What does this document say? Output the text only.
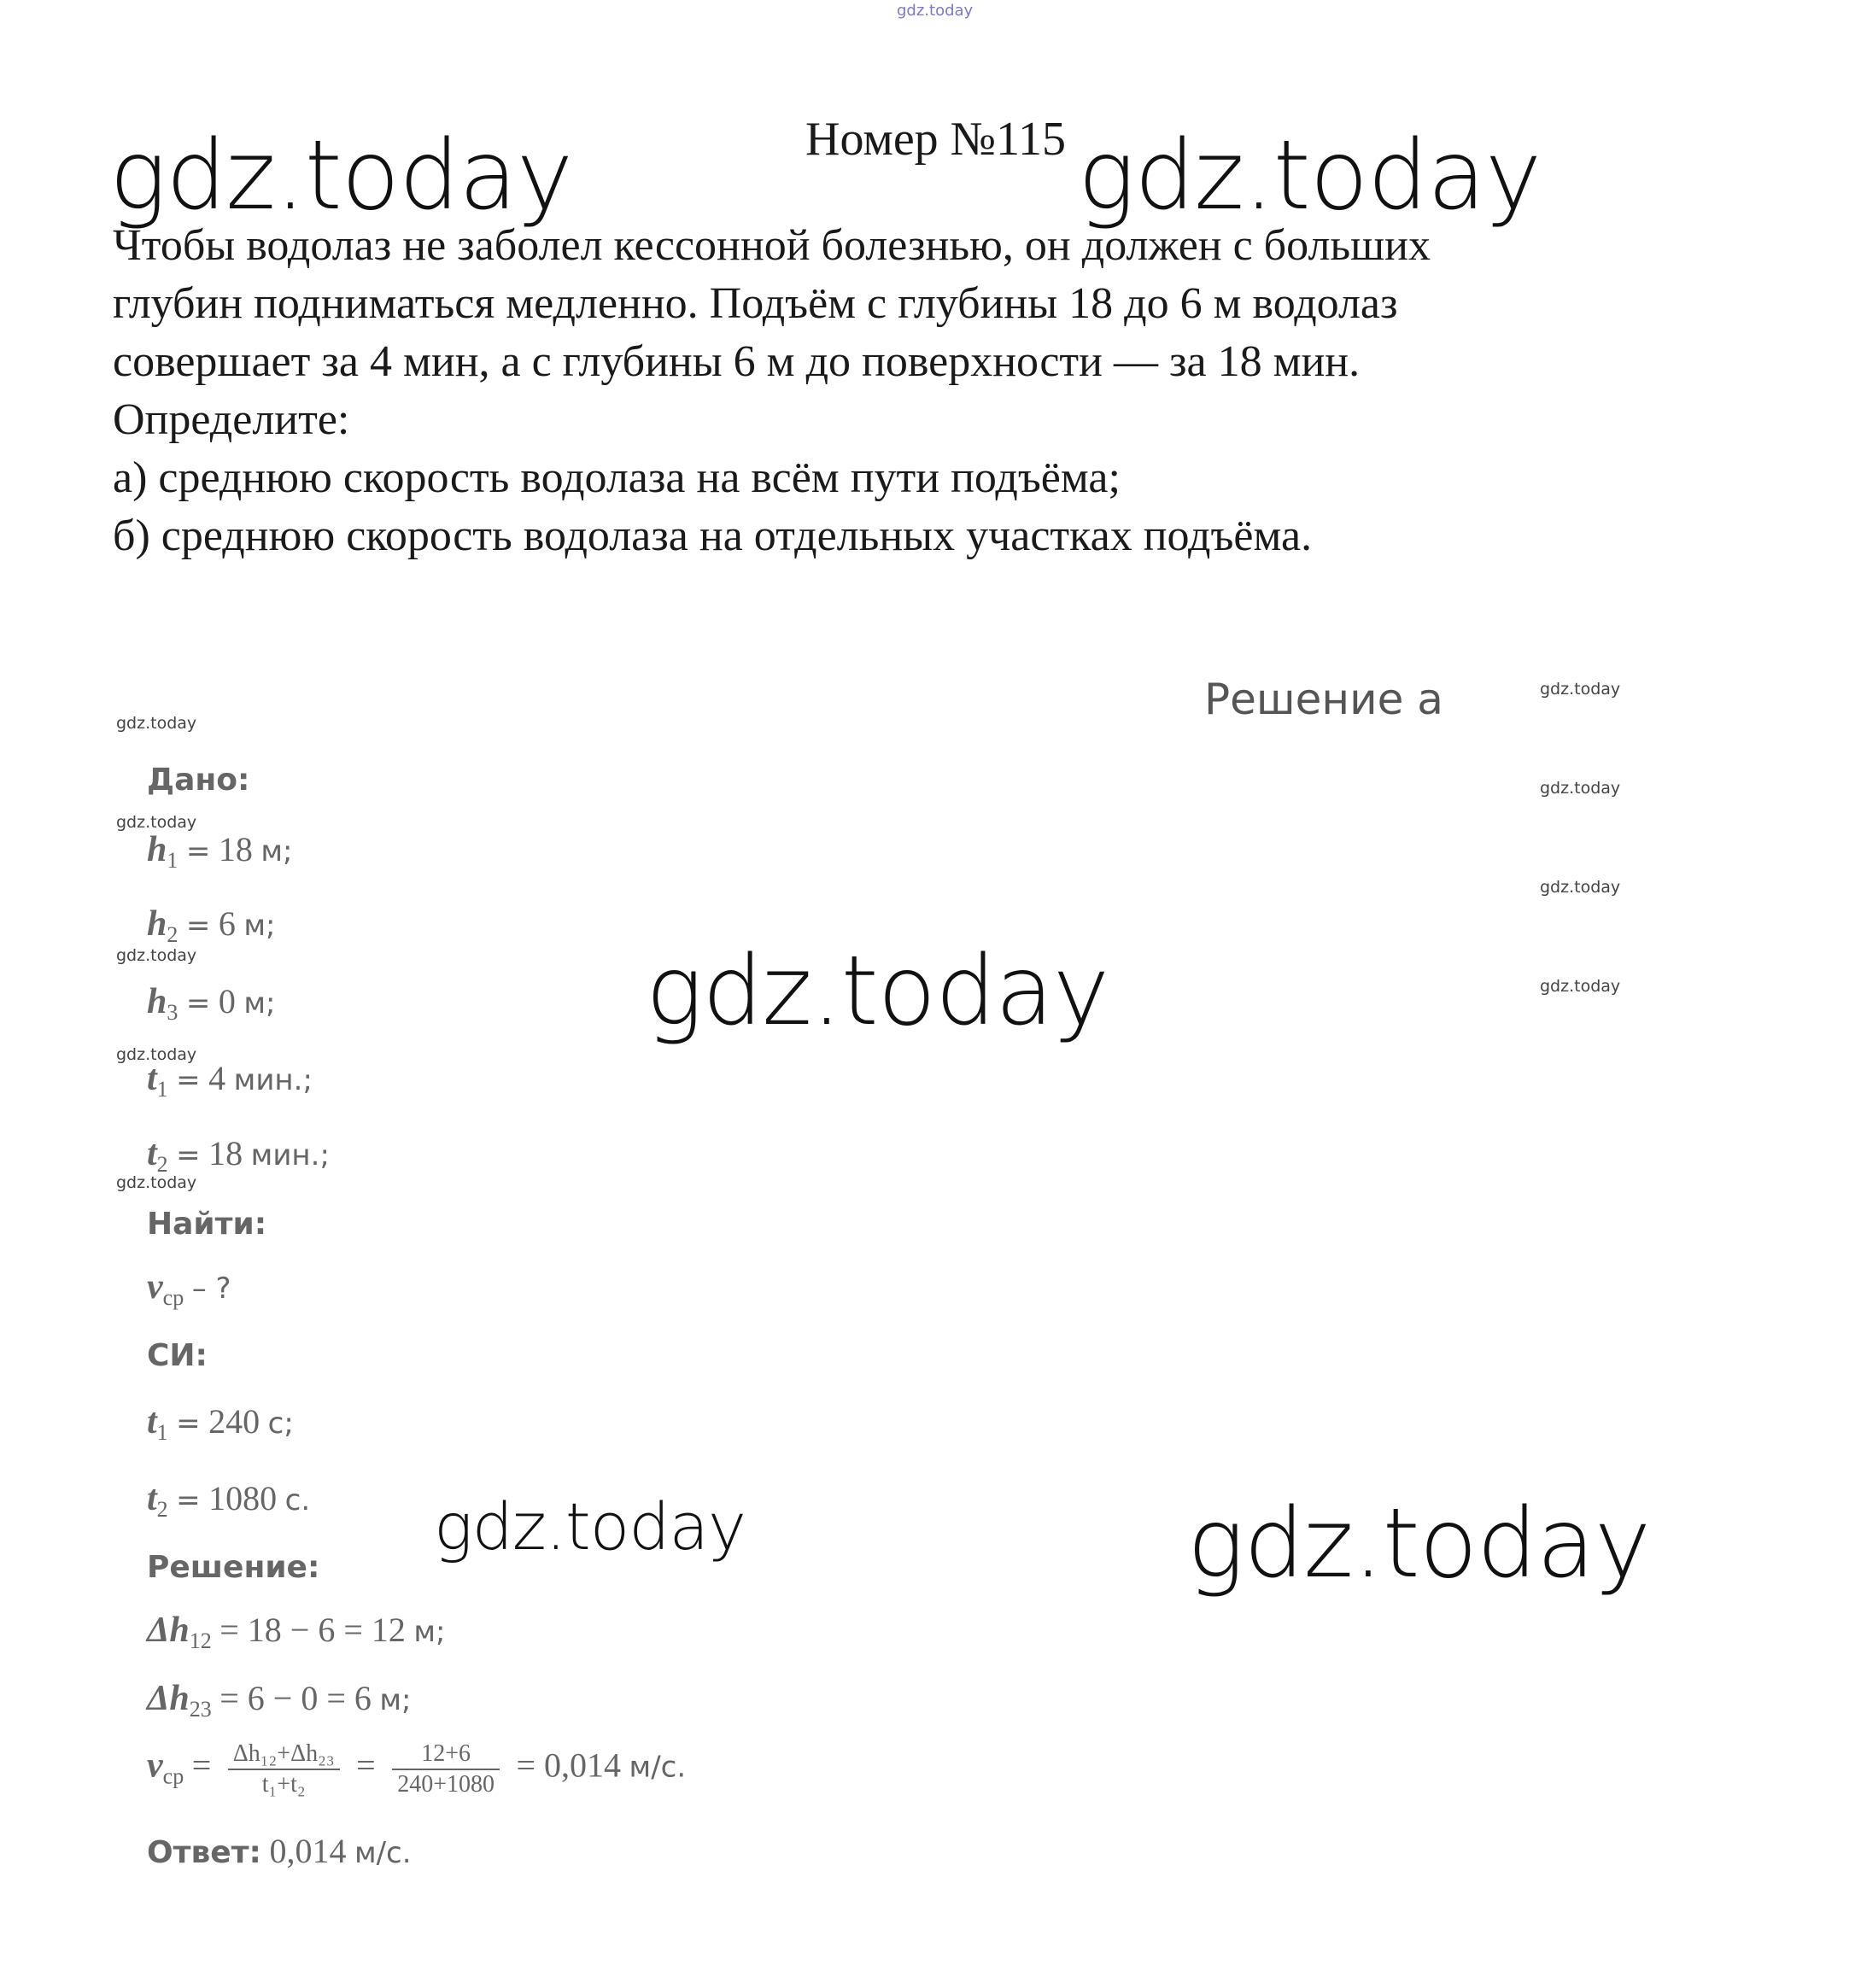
gdz.today
gdz.today	gdz.today
gdz.today
gdz.today	gdz.today
gdz.today
gdz.today
gdz.today
gdz.today
gdz.today
gdz.today
gdz.today
gdz.today
gdz.today
Номер №115

Чтобы водолаз не заболел кессонной болезнью, он должен с больших

глубин подниматься медленно. Подъём с глубины 18 до 6 м водолаз

совершает за 4 мин, а с глубины 6 м до поверхности — за 18 мин.

Определите:

а) среднюю скорость водолаза на всём пути подъёма;

б) среднюю скорость водолаза на отдельных участках подъёма.

Решение а
Дано:
$h_1 = 18$ м;
$h_2 = 6$ м;
$h_3 = 0$ м;
$t_1 = 4$ мин.;
$t_2 = 18$ мин.;
Найти:
$v_{ср}$ – ?
СИ:
$t_1 = 240$ с;
$t_2 = 1080$ с.
Решение:
$\Delta h_{12} = 18 - 6 = 12$ м;
$\Delta h_{23} = 6 - 0 = 6$ м;
$v_{ср} = \frac{\text{Δh₁₂+Δh₂₃}}{\text{t₁+t₂}} = \frac{12+6}{240+1080} = 0,014$ м/с.
Ответ: 0,014 м/с.
